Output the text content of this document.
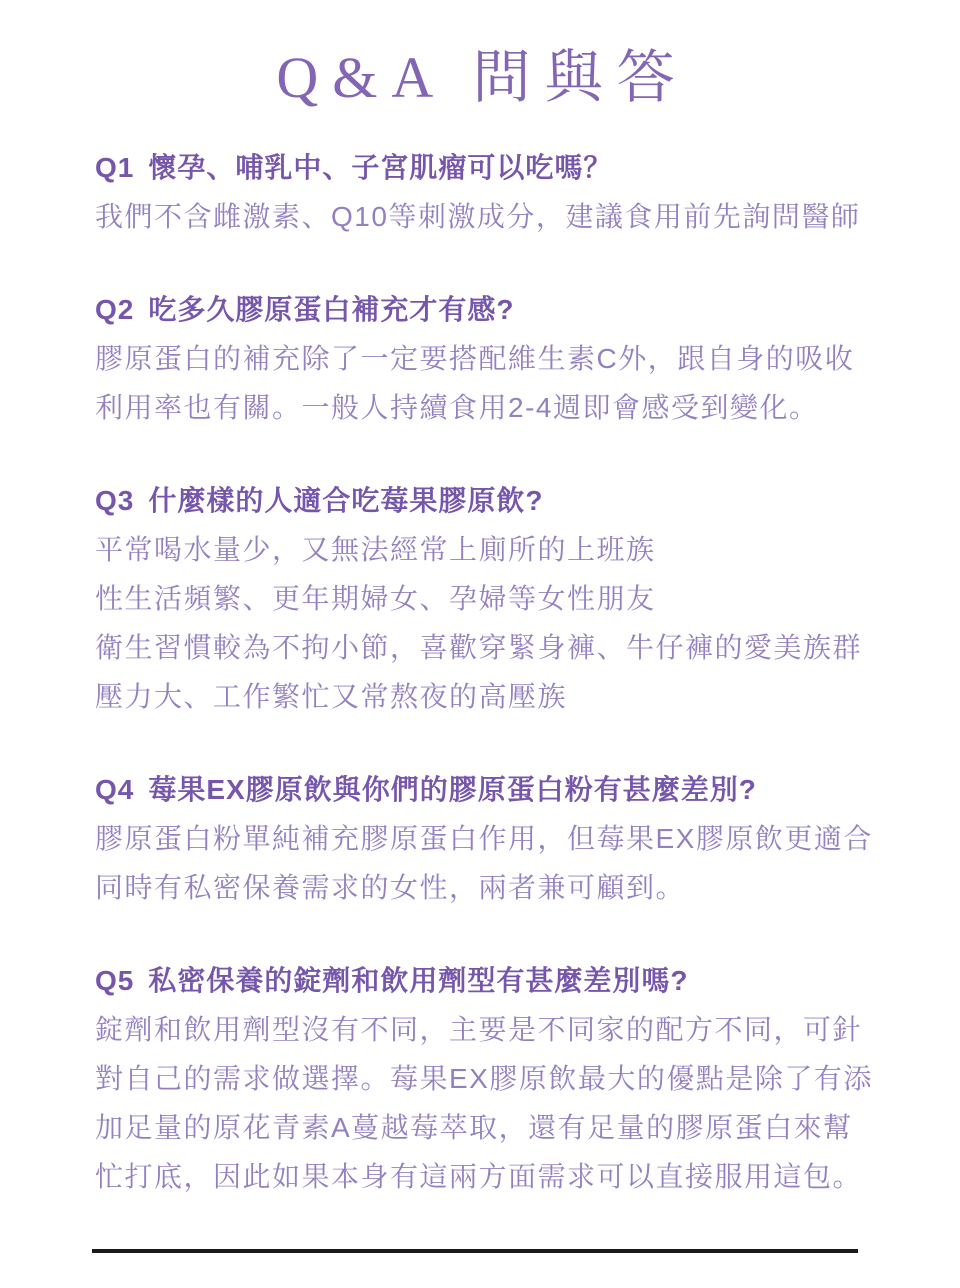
Q&A 問與答
Q1 懷孕、哺乳中、子宮肌瘤可以吃嗎？

我們不含雌激素、Q10等刺激成分，建議食用前先詢問醫師

Q2 吃多久膠原蛋白補充才有感?

膠原蛋白的補充除了一定要搭配維生素C外，跟自身的吸收

利用率也有關。一般人持續食用2-4週即會感受到變化。

Q3 什麼樣的人適合吃莓果膠原飲?

平常喝水量少，又無法經常上廁所的上班族

性生活頻繁、更年期婦女、孕婦等女性朋友

衛生習慣較為不拘小節，喜歡穿緊身褲、牛仔褲的愛美族群

壓力大、工作繁忙又常熬夜的高壓族

Q4 莓果EX膠原飲與你們的膠原蛋白粉有甚麼差別?

膠原蛋白粉單純補充膠原蛋白作用，但莓果EX膠原飲更適合

同時有私密保養需求的女性，兩者兼可顧到。

Q5 私密保養的錠劑和飲用劑型有甚麼差別嗎?

錠劑和飲用劑型沒有不同，主要是不同家的配方不同，可針

對自己的需求做選擇。莓果EX膠原飲最大的優點是除了有添

加足量的原花青素A蔓越莓萃取，還有足量的膠原蛋白來幫

忙打底，因此如果本身有這兩方面需求可以直接服用這包。
